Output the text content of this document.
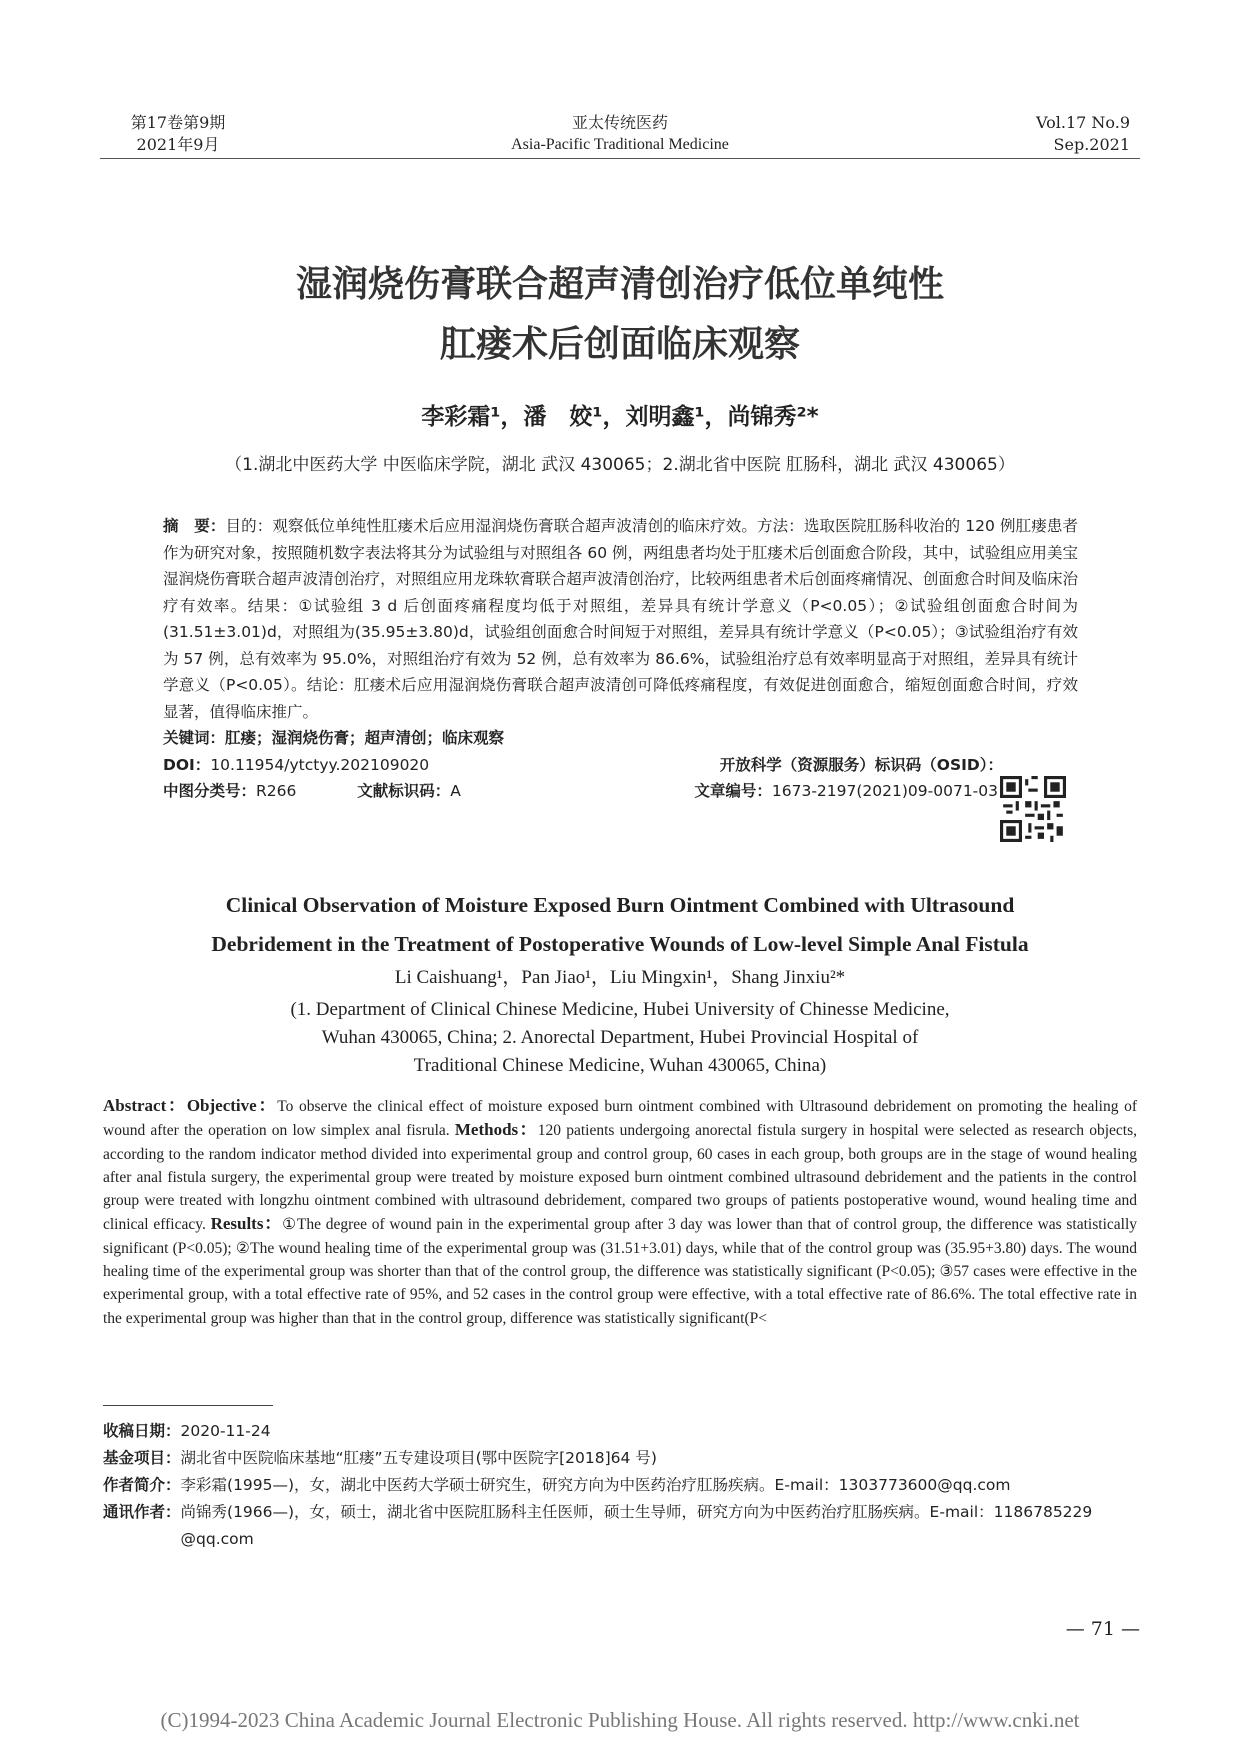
第17卷第9期
2021年9月
亚太传统医药
Asia-Pacific Traditional Medicine
Vol.17 No.9
Sep.2021
湿润烧伤膏联合超声清创治疗低位单纯性
肛瘘术后创面临床观察
李彩霜¹，潘　姣¹，刘明鑫¹，尚锦秀²*
（1.湖北中医药大学 中医临床学院，湖北 武汉 430065；2.湖北省中医院 肛肠科，湖北 武汉 430065）
摘　要：目的：观察低位单纯性肛瘘术后应用湿润烧伤膏联合超声波清创的临床疗效。方法：选取医院肛肠科收治的 120 例肛瘘患者作为研究对象，按照随机数字表法将其分为试验组与对照组各 60 例，两组患者均处于肛瘘术后创面愈合阶段，其中，试验组应用美宝湿润烧伤膏联合超声波清创治疗，对照组应用龙珠软膏联合超声波清创治疗，比较两组患者术后创面疼痛情况、创面愈合时间及临床治疗有效率。结果：①试验组 3 d 后创面疼痛程度均低于对照组，差异具有统计学意义（P<0.05）；②试验组创面愈合时间为(31.51±3.01)d，对照组为(35.95±3.80)d，试验组创面愈合时间短于对照组，差异具有统计学意义（P<0.05）；③试验组治疗有效为 57 例，总有效率为 95.0%，对照组治疗有效为 52 例，总有效率为 86.6%，试验组治疗总有效率明显高于对照组，差异具有统计学意义（P<0.05）。结论：肛瘘术后应用湿润烧伤膏联合超声波清创可降低疼痛程度，有效促进创面愈合，缩短创面愈合时间，疗效显著，值得临床推广。
关键词：肛瘘；湿润烧伤膏；超声清创；临床观察
DOI：10.11954/ytctyy.202109020	开放科学（资源服务）标识码（OSID）：
中图分类号：R266	文献标识码：A	文章编号：1673-2197(2021)09-0071-03
Clinical Observation of Moisture Exposed Burn Ointment Combined with Ultrasound
Debridement in the Treatment of Postoperative Wounds of Low-level Simple Anal Fistula
Li Caishuang¹，Pan Jiao¹，Liu Mingxin¹，Shang Jinxiu²*
(1. Department of Clinical Chinese Medicine, Hubei University of Chinesse Medicine,
Wuhan 430065, China; 2. Anorectal Department, Hubei Provincial Hospital of
Traditional Chinese Medicine, Wuhan 430065, China)
Abstract：Objective：To observe the clinical effect of moisture exposed burn ointment combined with Ultrasound debridement on promoting the healing of wound after the operation on low simplex anal fisrula. Methods：120 patients undergoing anorectal fistula surgery in hospital were selected as research objects, according to the random indicator method divided into experimental group and control group, 60 cases in each group, both groups are in the stage of wound healing after anal fistula surgery, the experimental group were treated by moisture exposed burn ointment combined ultrasound debridement and the patients in the control group were treated with longzhu ointment combined with ultrasound debridement, compared two groups of patients postoperative wound, wound healing time and clinical efficacy. Results：①The degree of wound pain in the experimental group after 3 day was lower than that of control group, the difference was statistically significant (P<0.05); ②The wound healing time of the experimental group was (31.51+3.01) days, while that of the control group was (35.95+3.80) days. The wound healing time of the experimental group was shorter than that of the control group, the difference was statistically significant (P<0.05); ③57 cases were effective in the experimental group, with a total effective rate of 95%, and 52 cases in the control group were effective, with a total effective rate of 86.6%. The total effective rate in the experimental group was higher than that in the control group, difference was statistically significant(P<
收稿日期： 2020-11-24
基金项目： 湖北省中医院临床基地“肛瘘”五专建设项目(鄂中医院字[2018]64 号)
作者简介： 李彩霜(1995—)，女，湖北中医药大学硕士研究生，研究方向为中医药治疗肛肠疾病。E-mail：1303773600@qq.com
通讯作者： 尚锦秀(1966—)，女，硕士，湖北省中医院肛肠科主任医师，硕士生导师，研究方向为中医药治疗肛肠疾病。E-mail：1186785229 @qq.com
— 71 —
(C)1994-2023 China Academic Journal Electronic Publishing House. All rights reserved. http://www.cnki.net
